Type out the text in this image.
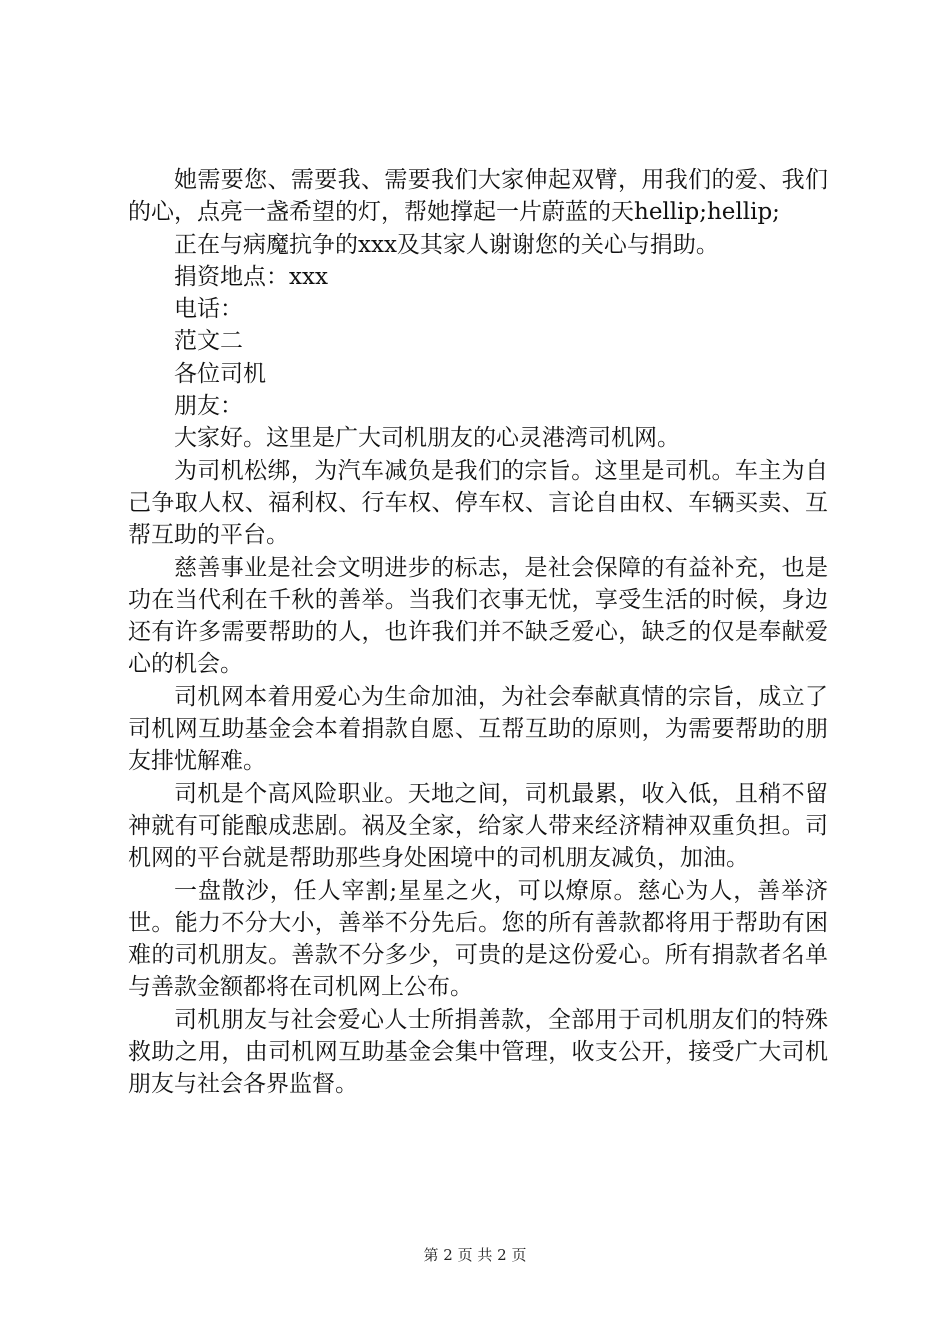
她需要您、需要我、需要我们大家伸起双臂，用我们的爱、我们的心，点亮一盏希望的灯，帮她撑起一片蔚蓝的天hellip;hellip;

正在与病魔抗争的xxx及其家人谢谢您的关心与捐助。

捐资地点：xxx

电话：

范文二

各位司机

朋友：

大家好。这里是广大司机朋友的心灵港湾司机网。

为司机松绑，为汽车减负是我们的宗旨。这里是司机。车主为自己争取人权、福利权、行车权、停车权、言论自由权、车辆买卖、互帮互助的平台。

慈善事业是社会文明进步的标志，是社会保障的有益补充，也是功在当代利在千秋的善举。当我们衣事无忧，享受生活的时候，身边还有许多需要帮助的人，也许我们并不缺乏爱心，缺乏的仅是奉献爱心的机会。

司机网本着用爱心为生命加油，为社会奉献真情的宗旨，成立了司机网互助基金会本着捐款自愿、互帮互助的原则，为需要帮助的朋友排忧解难。

司机是个高风险职业。天地之间，司机最累，收入低，且稍不留神就有可能酿成悲剧。祸及全家，给家人带来经济精神双重负担。司机网的平台就是帮助那些身处困境中的司机朋友减负，加油。

一盘散沙，任人宰割;星星之火，可以燎原。慈心为人，善举济世。能力不分大小，善举不分先后。您的所有善款都将用于帮助有困难的司机朋友。善款不分多少，可贵的是这份爱心。所有捐款者名单与善款金额都将在司机网上公布。

司机朋友与社会爱心人士所捐善款，全部用于司机朋友们的特殊救助之用，由司机网互助基金会集中管理，收支公开，接受广大司机朋友与社会各界监督。

第 2 页 共 2 页
